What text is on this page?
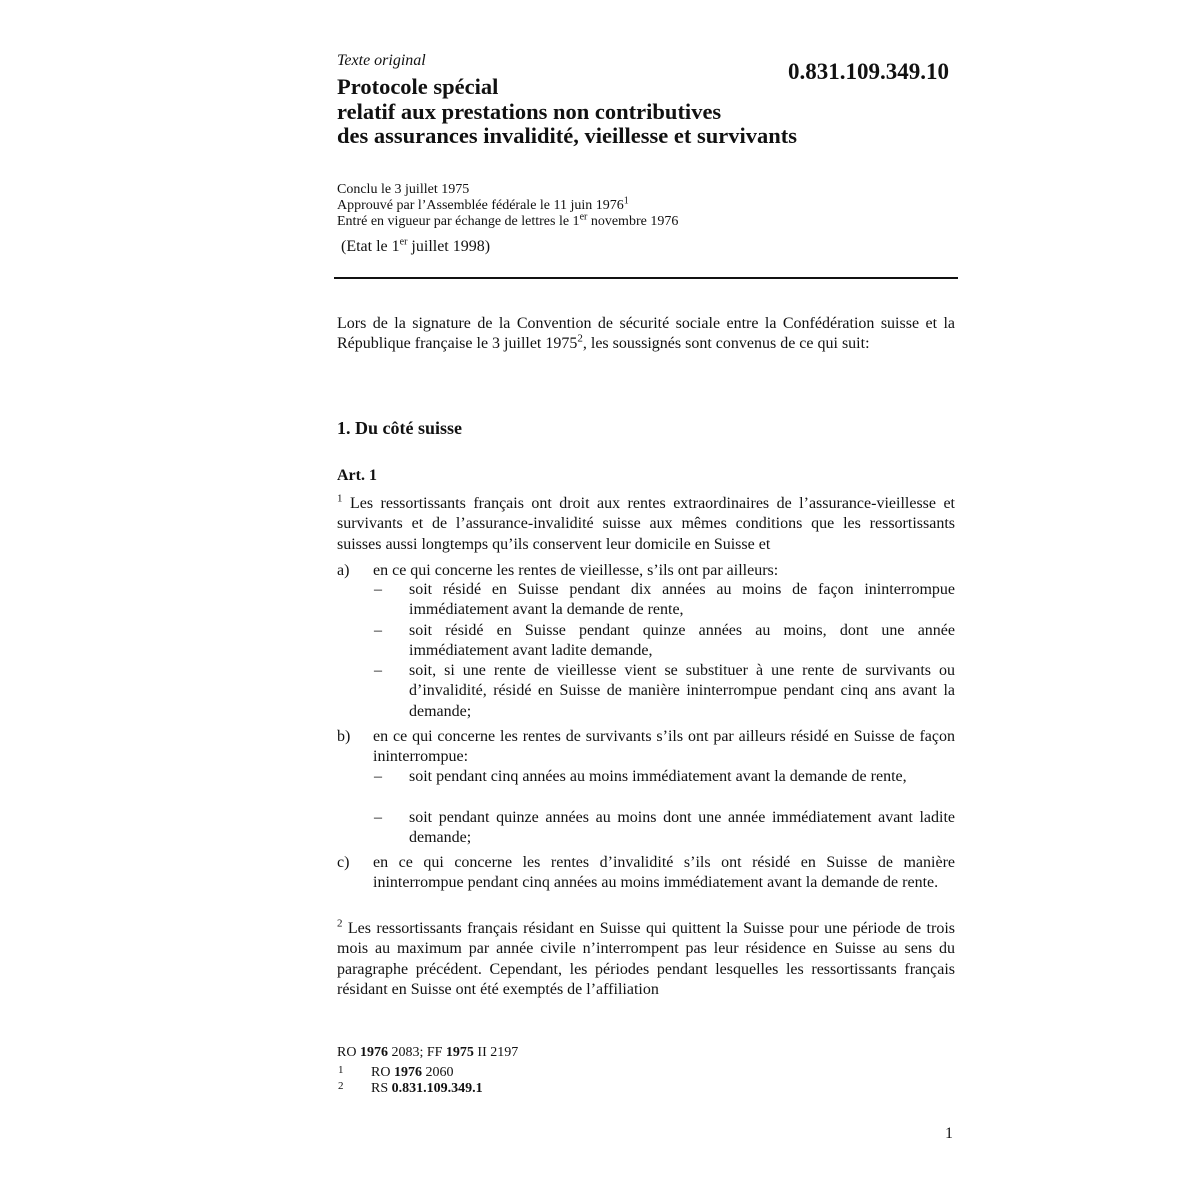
Texte original	0.831.109.349.10
Protocole spécial
relatif aux prestations non contributives
des assurances invalidité, vieillesse et survivants
Conclu le 3 juillet 1975
Approuvé par l’Assemblée fédérale le 11 juin 1976$^1$
Entré en vigueur par échange de lettres le 1er novembre 1976
(Etat le 1er juillet 1998)
Lors de la signature de la Convention de sécurité sociale entre la Confédération suisse et la République française le 3 juillet 1975$^2$, les soussignés sont convenus de ce qui suit:
1. Du côté suisse
Art. 1
$^1$ Les ressortissants français ont droit aux rentes extraordinaires de l’assurance-vieillesse et survivants et de l’assurance-invalidité suisse aux mêmes conditions que les ressortissants suisses aussi longtemps qu’ils conservent leur domicile en Suisse et
a) en ce qui concerne les rentes de vieillesse, s’ils ont par ailleurs:
– soit résidé en Suisse pendant dix années au moins de façon ininterrompue immédiatement avant la demande de rente,
– soit résidé en Suisse pendant quinze années au moins, dont une année immédiatement avant ladite demande,
– soit, si une rente de vieillesse vient se substituer à une rente de survivants ou d’invalidité, résidé en Suisse de manière ininterrompue pendant cinq ans avant la demande;
b) en ce qui concerne les rentes de survivants s’ils ont par ailleurs résidé en Suisse de façon ininterrompue:
– soit pendant cinq années au moins immédiatement avant la demande de rente,
– soit pendant quinze années au moins dont une année immédiatement avant ladite demande;
c) en ce qui concerne les rentes d’invalidité s’ils ont résidé en Suisse de manière ininterrompue pendant cinq années au moins immédiatement avant la demande de rente.
$^2$ Les ressortissants français résidant en Suisse qui quittent la Suisse pour une période de trois mois au maximum par année civile n’interrompent pas leur résidence en Suisse au sens du paragraphe précédent. Cependant, les périodes pendant lesquelles les ressortissants français résidant en Suisse ont été exemptés de l’affiliation
RO 1976 2083; FF 1975 II 2197
1 RO 1976 2060
2 RS 0.831.109.349.1
1
